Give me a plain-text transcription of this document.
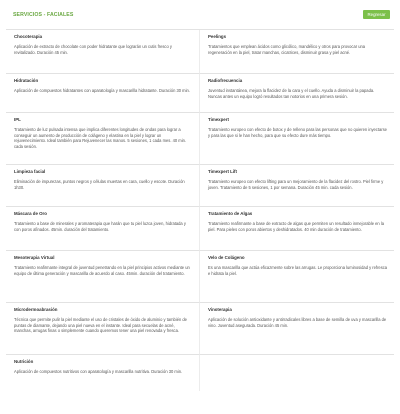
SERVICIOS - FACIALES	Regresar

Chocoterapia

Aplicación de extracto de chocolate con poder hidratante que lograrán un cutis fresco y revitalizado. Duración 45 min.

Peelings

Tratamientos que emplean ácidos como glicólico, mandélico y otros para provocar una regeneración en la piel, tratar manchas, cicatrices, disminuir grasa y piel acné.

Hidratación

Aplicación de compuestos hidratantes con aparatología y mascarilla hidratante. Duración 30 min.

Radiofrecuencia

Juventud instantánea, mejora la flacidez de la cara y el cuello. Ayuda a disminuir la papada. Nuncas antes un equipo logró resultados tan notorios en una primera sesión.

IPL

Tratamiento de luz pulsada intensa que implica diferentes longitudes de ondas para lograr a conseguir un aumento de producción de colágeno y elastina en la piel y lograr un rejuvenecimiento. Ideal también para Rejuvenecer las manos. 5 sesiones, 1 cada mes. 40 min. cada sesión.

Timexpert

Tratamiento europeo con efecto de botox y de relleno para las personas que no quieren inyectarse y para las que si le han hecho, para que su efecto dure más tiempo.

Limpieza facial

Eliminación de impurezas, puntos negros y células muertas en cara, cuello y escote. Duración 1h30.

Timexpert Lift

Tratamiento europeo con efecto lifting para un mejoramiento de la flacidez del rostro. Piel firme y joven. Tratamiento de 5 sesiones, 1 por semana. Duración 45 min. cada sesión.

Máscara de Oro

Tratamiento a base de minerales y aromaterapia que harán que tu piel luzca joven, hidratada y con poros afinados. 45min. duración del tratamiento.

Tratamiento de Algas

Tratamiento reafirmante a base de extracto de algas que permiten un resultado inmejorable en la piel. Para pieles con poros abiertos y deshidratados. 40 min duración de tratamiento.

Mesoterapia Virtual

Tratamiento reafirmante integral de juventud penetrando en la piel principios activos mediante un equipo de última generación y mascarilla de acuerdo al caso. 45min. duración del tratamiento.

Velo de Colágeno

Es una mascarilla que actúa eficazmente sobre las arrugas. Le proporciona luminosidad y refresca e hidrata la piel.

Microdermoabrasión

Técnica que permite pulir la piel mediante el uso de cristales de óxido de aluminio y también de puntas de diamante, dejando una piel nueva en el instante. Ideal para secuelas de acné, manchas, arrugas finas o simplemente cuando queremos tener una piel renovada y fresca.

Vinoterapia

Aplicación de solución antioxidante y antirradicales libres a base de semilla de uva y mascarilla de vino. Juventud asegurada. Duración 45 min.

Nutrición

Aplicación de compuestos nutritivos con aparatología y mascarilla nutritiva. Duración 30 min.
